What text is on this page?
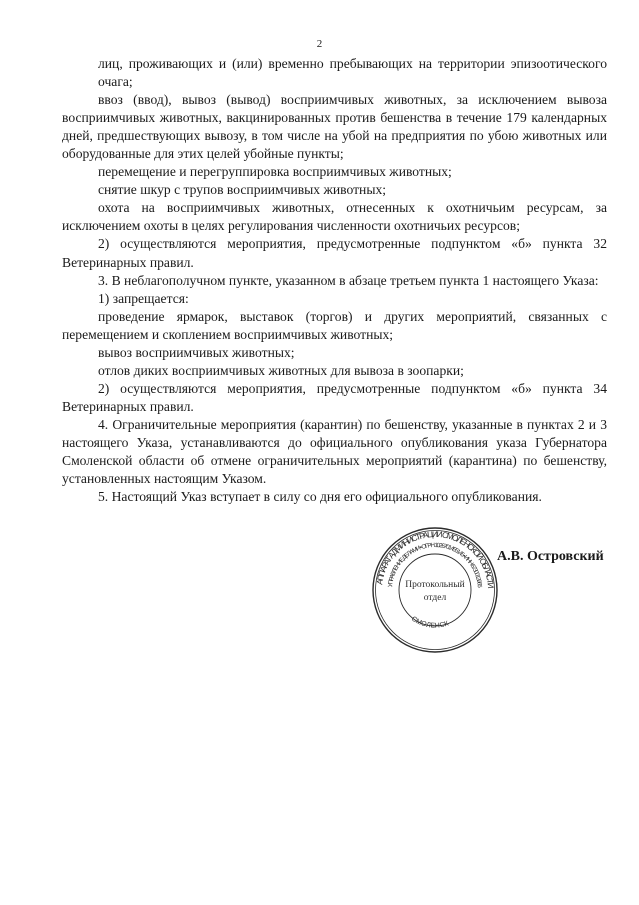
2

лиц, проживающих и (или) временно пребывающих на территории эпизоотического очага;

ввоз (ввод), вывоз (вывод) восприимчивых животных, за исключением вывоза восприимчивых животных, вакцинированных против бешенства в течение 179 календарных дней, предшествующих вывозу, в том числе на убой на предприятия по убою животных или оборудованные для этих целей убойные пункты;

перемещение и перегруппировка восприимчивых животных;

снятие шкур с трупов восприимчивых животных;

охота на восприимчивых животных, отнесенных к охотничьим ресурсам, за исключением охоты в целях регулирования численности охотничьих ресурсов;

2) осуществляются мероприятия, предусмотренные подпунктом «б» пункта 32 Ветеринарных правил.

3. В неблагополучном пункте, указанном в абзаце третьем пункта 1 настоящего Указа:

1) запрещается:

проведение ярмарок, выставок (торгов) и других мероприятий, связанных с перемещением и скоплением восприимчивых животных;

вывоз восприимчивых животных;

отлов диких восприимчивых животных для вывоза в зоопарки;

2) осуществляются мероприятия, предусмотренные подпунктом «б» пункта 34 Ветеринарных правил.

4. Ограничительные мероприятия (карантин) по бешенству, указанные в пунктах 2 и 3 настоящего Указа, устанавливаются до официального опубликования указа Губернатора Смоленской области об отмене ограничительных мероприятий (карантина) по бешенству, установленных настоящим Указом.

5. Настоящий Указ вступает в силу со дня его официального опубликования.

АППАРАТ АДМИНИСТРАЦИИ СМОЛЕНСКОЙ ОБЛАСТИ
УПРАВЛЕНИЕ ДЕЛАМИ • ОГРН 1026701455145 • ИНН 6730013965
СМОЛЕНСК
Протокольный
отдел
А.В. Островский
